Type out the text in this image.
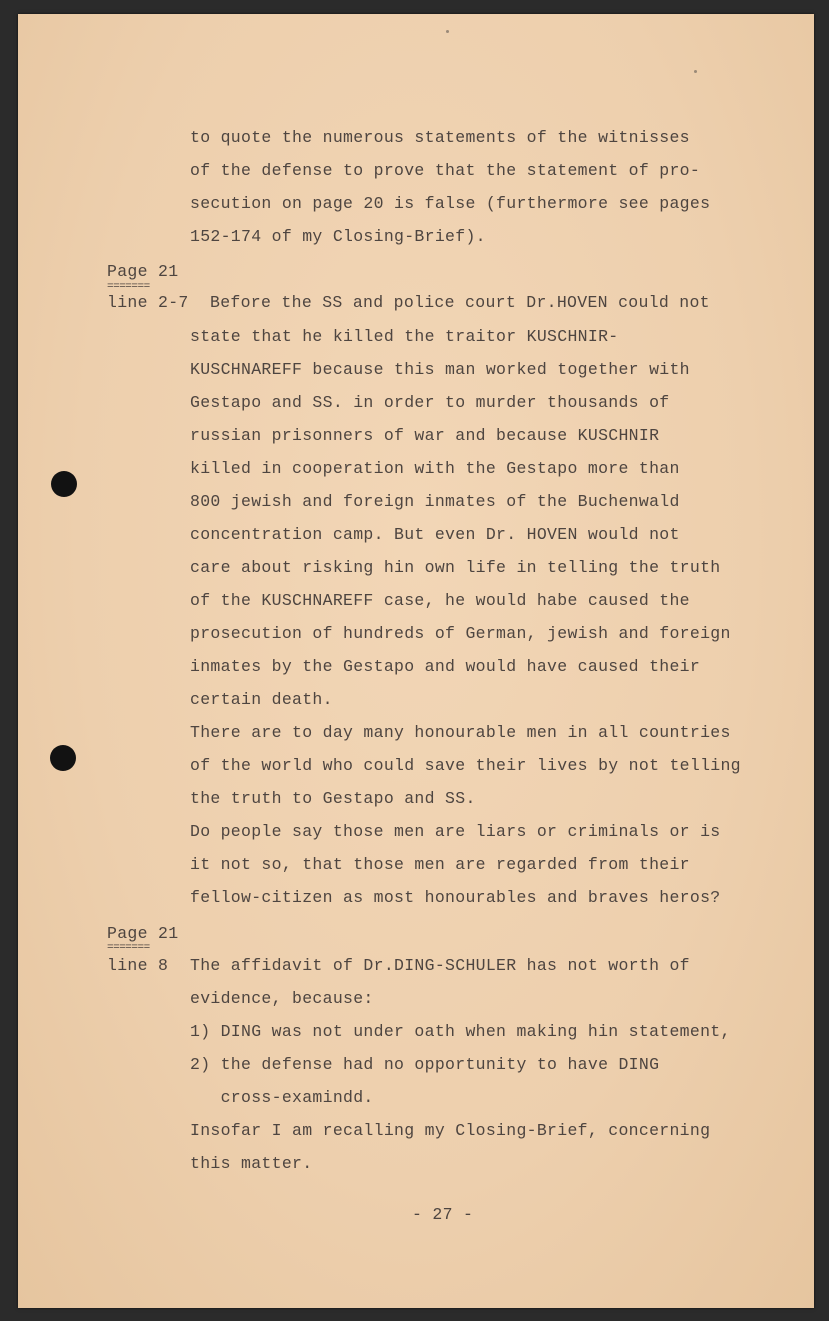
to quote the numerous statements of the witnisses
of the defense to prove that the statement of pro-
secution on page 20 is false (furthermore see pages
152-174 of my Closing-Brief).
Page 21
=======
line 2-7 Before the SS and police court Dr.HOVEN could not
state that he killed the traitor KUSCHNIR-
KUSCHNAREFF because this man worked together with
Gestapo and SS. in order to murder thousands of
russian prisonners of war and because KUSCHNIR
killed in cooperation with the Gestapo more than
800 jewish and foreign inmates of the Buchenwald
concentration camp. But even Dr. HOVEN would not
care about risking hin own life in telling the truth
of the KUSCHNAREFF case, he would habe caused the
prosecution of hundreds of German, jewish and foreign
inmates by the Gestapo and would have caused their
certain death.
There are to day many honourable men in all countries
of the world who could save their lives by not telling
the truth to Gestapo and SS.
Do people say those men are liars or criminals or is
it not so, that those men are regarded from their
fellow-citizen as most honourables and braves heros?
Page 21
=======
line 8 The affidavit of Dr.DING-SCHULER has not worth of
evidence, because:
1) DING was not under oath when making hin statement,
2) the defense had no opportunity to have DING
cross-examindd.
Insofar I am recalling my Closing-Brief, concerning
this matter.
- 27 -
